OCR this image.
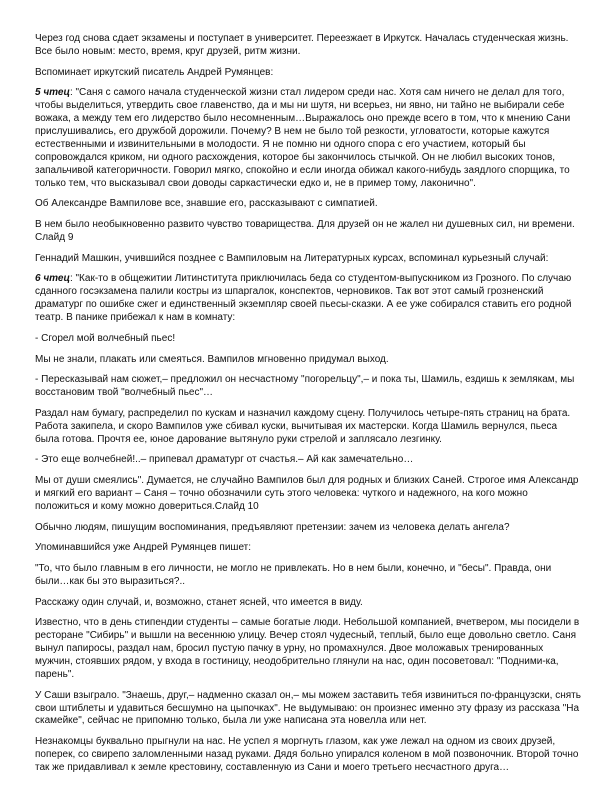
Через год снова сдает экзамены и поступает в университет. Переезжает в Иркутск. Началась студенческая жизнь. Все было новым: место, время, круг друзей, ритм жизни.

Вспоминает иркутский писатель Андрей Румянцев:

5 чтец: "Саня с самого начала студенческой жизни стал лидером среди нас. Хотя сам ничего не делал для того, чтобы выделиться, утвердить свое главенство, да и мы ни шутя, ни всерьез, ни явно, ни тайно не выбирали себе вожака, а между тем его лидерство было несомненным…Выражалось оно прежде всего в том, что к мнению Сани прислушивались, его дружбой дорожили. Почему? В нем не было той резкости, угловатости, которые кажутся естественными и извинительными в молодости. Я не помню ни одного спора с его участием, который бы сопровождался криком, ни одного расхождения, которое бы закончилось стычкой. Он не любил высоких тонов, запальчивой категоричности. Говорил мягко, спокойно и если иногда обижал какого-нибудь заядлого спорщика, то только тем, что высказывал свои доводы саркастически едко и, не в пример тому, лаконично".

Об Александре Вампилове все, знавшие его, рассказывают с симпатией.

В нем было необыкновенно развито чувство товарищества. Для друзей он не жалел ни душевных сил, ни времени. Слайд 9

Геннадий Машкин, учившийся позднее с Вампиловым на Литературных курсах, вспоминал курьезный случай:

6 чтец: "Как-то в общежитии Литинститута приключилась беда со студентом-выпускником из Грозного. По случаю сданного госэкзамена палили костры из шпаргалок, конспектов, черновиков. Так вот этот самый грозненский драматург по ошибке сжег и единственный экземпляр своей пьесы-сказки. А ее уже собирался ставить его родной театр. В панике прибежал к нам в комнату:

- Сгорел мой волчебный пьес!

Мы не знали, плакать или смеяться. Вампилов мгновенно придумал выход.

- Пересказывай нам сюжет,– предложил он несчастному "погорельцу",– и пока ты, Шамиль, ездишь к землякам, мы восстановим твой "волчебный пьес"…

Раздал нам бумагу, распределил по кускам и назначил каждому сцену. Получилось четыре-пять страниц на брата. Работа закипела, и скоро Вампилов уже сбивал куски, вычитывая их мастерски. Когда Шамиль вернулся, пьеса была готова. Прочтя ее, юное дарование вытянуло руки стрелой и заплясало лезгинку.

- Это еще волчебней!..– припевал драматург от счастья.– Ай как замечательно…

Мы от души смеялись". Думается, не случайно Вампилов был для родных и близких Саней. Строгое имя Александр и мягкий его вариант – Саня – точно обозначили суть этого человека: чуткого и надежного, на кого можно положиться и кому можно довериться.Слайд 10

Обычно людям, пишущим воспоминания, предъявляют претензии: зачем из человека делать ангела?

Упоминавшийся уже Андрей Румянцев пишет:

"То, что было главным в его личности, не могло не привлекать. Но в нем были, конечно, и "бесы". Правда, они были…как бы это выразиться?..

Расскажу один случай, и, возможно, станет ясней, что имеется в виду.

Известно, что в день стипендии студенты – самые богатые люди. Небольшой компанией, вчетвером, мы посидели в ресторане "Сибирь" и вышли на весеннюю улицу. Вечер стоял чудесный, теплый, было еще довольно светло. Саня вынул папиросы, раздал нам, бросил пустую пачку в урну, но промахнулся. Двое моложавых тренированных мужчин, стоявших рядом, у входа в гостиницу, неодобрительно глянули на нас, один посоветовал: "Подними-ка, парень".

У Саши взыграло. "Знаешь, друг,– надменно сказал он,– мы можем заставить тебя извиниться по-французски, снять свои штиблеты и удавиться бесшумно на цыпочках". Не выдумываю: он произнес именно эту фразу из рассказа "На скамейке", сейчас не припомню только, была ли уже написана эта новелла или нет.

Незнакомцы буквально прыгнули на нас. Не успел я моргнуть глазом, как уже лежал на одном из своих друзей, поперек, со свирепо заломленными назад руками. Дядя больно упирался коленом в мой позвоночник. Второй точно так же придавливал к земле крестовину, составленную из Сани и моего третьего несчастного друга…
